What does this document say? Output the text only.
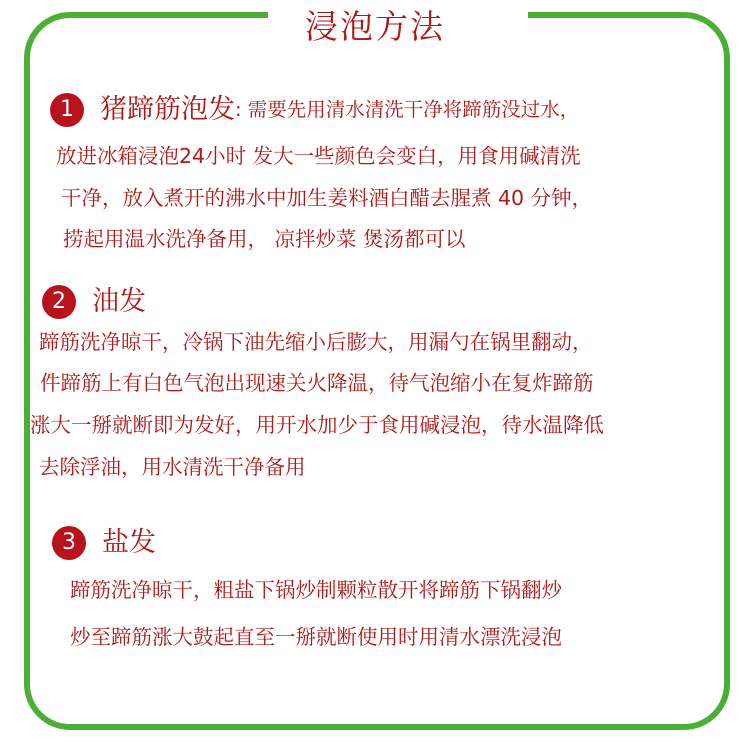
浸泡方法
1 猪蹄筋泡发 : 需要先用清水清洗干净将蹄筋没过水，
放进冰箱浸泡24小时 发大一些颜色会变白，用食用碱清洗
干净，放入煮开的沸水中加生姜料酒白醋去腥煮 40 分钟，
捞起用温水洗净备用， 凉拌炒菜 煲汤都可以
2 油发
蹄筋洗净晾干，冷锅下油先缩小后膨大，用漏勺在锅里翻动，
件蹄筋上有白色气泡出现速关火降温，待气泡缩小在复炸蹄筋
涨大一掰就断即为发好，用开水加少于食用碱浸泡，待水温降低
去除浮油，用水清洗干净备用
3 盐发
蹄筋洗净晾干，粗盐下锅炒制颗粒散开将蹄筋下锅翻炒
炒至蹄筋涨大鼓起直至一掰就断使用时用清水漂洗浸泡
